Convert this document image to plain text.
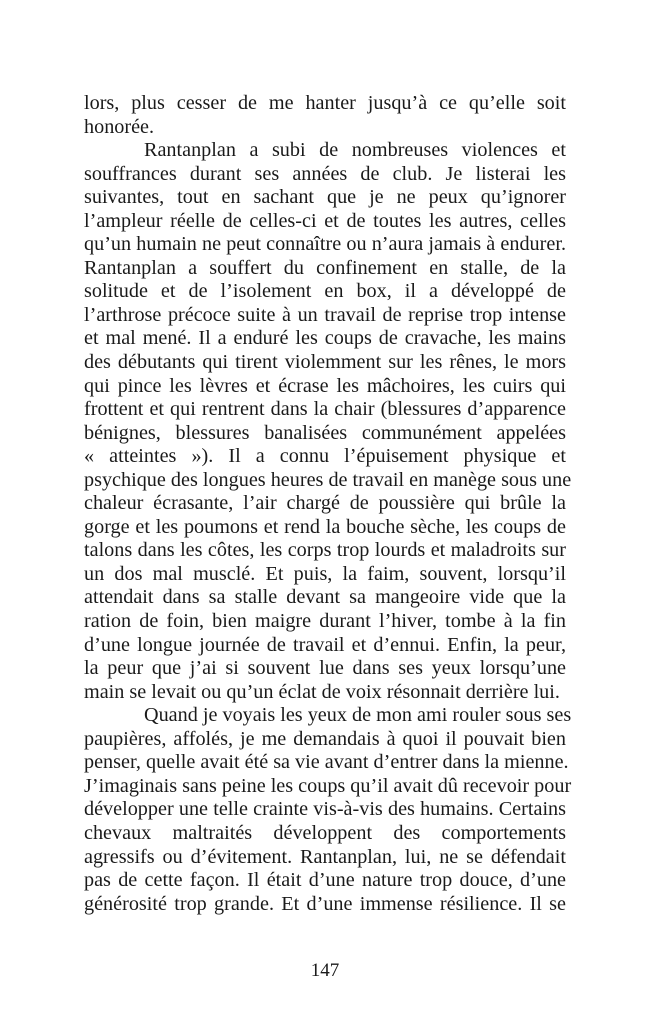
lors, plus cesser de me hanter jusqu’à ce qu’elle soit
honorée.
Rantanplan a subi de nombreuses violences et
souffrances durant ses années de club. Je listerai les
suivantes, tout en sachant que je ne peux qu’ignorer
l’ampleur réelle de celles-ci et de toutes les autres, celles
qu’un humain ne peut connaître ou n’aura jamais à endurer.
Rantanplan a souffert du confinement en stalle, de la
solitude et de l’isolement en box, il a développé de
l’arthrose précoce suite à un travail de reprise trop intense
et mal mené. Il a enduré les coups de cravache, les mains
des débutants qui tirent violemment sur les rênes, le mors
qui pince les lèvres et écrase les mâchoires, les cuirs qui
frottent et qui rentrent dans la chair (blessures d’apparence
bénignes, blessures banalisées communément appelées
« atteintes »). Il a connu l’épuisement physique et
psychique des longues heures de travail en manège sous une
chaleur écrasante, l’air chargé de poussière qui brûle la
gorge et les poumons et rend la bouche sèche, les coups de
talons dans les côtes, les corps trop lourds et maladroits sur
un dos mal musclé. Et puis, la faim, souvent, lorsqu’il
attendait dans sa stalle devant sa mangeoire vide que la
ration de foin, bien maigre durant l’hiver, tombe à la fin
d’une longue journée de travail et d’ennui. Enfin, la peur,
la peur que j’ai si souvent lue dans ses yeux lorsqu’une
main se levait ou qu’un éclat de voix résonnait derrière lui.
Quand je voyais les yeux de mon ami rouler sous ses
paupières, affolés, je me demandais à quoi il pouvait bien
penser, quelle avait été sa vie avant d’entrer dans la mienne.
J’imaginais sans peine les coups qu’il avait dû recevoir pour
développer une telle crainte vis-à-vis des humains. Certains
chevaux maltraités développent des comportements
agressifs ou d’évitement. Rantanplan, lui, ne se défendait
pas de cette façon. Il était d’une nature trop douce, d’une
générosité trop grande. Et d’une immense résilience. Il se
147
